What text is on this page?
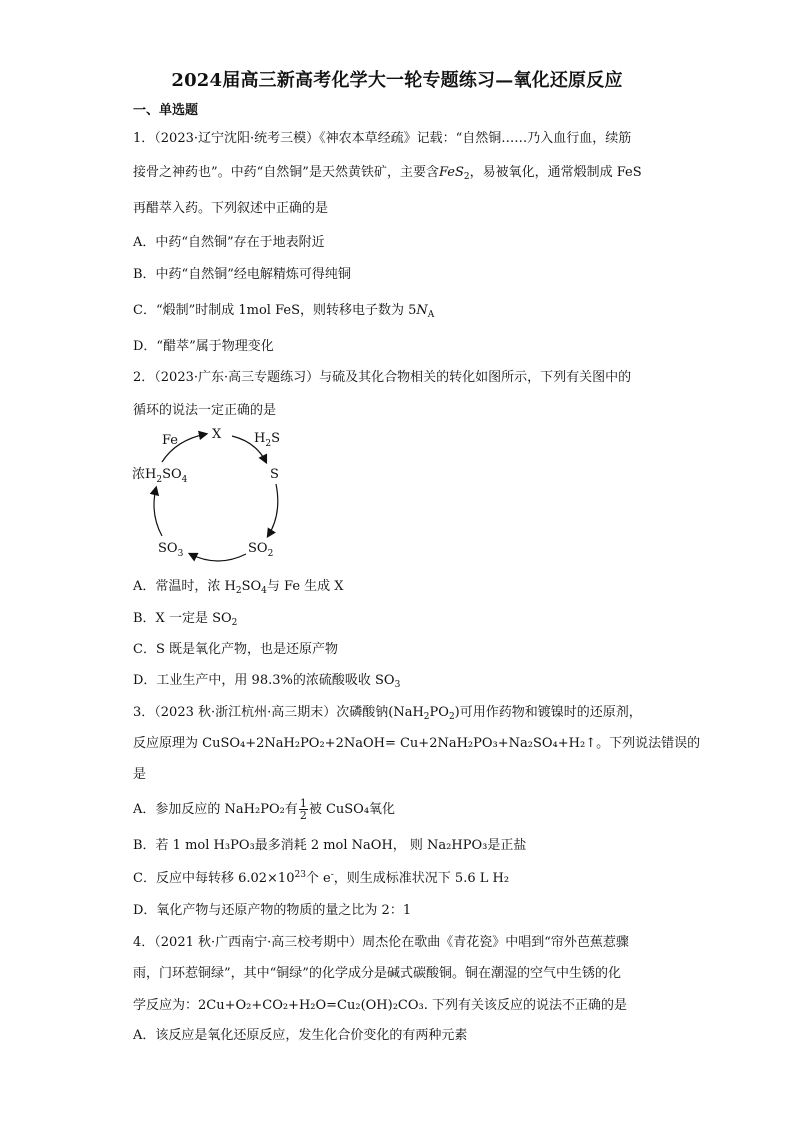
2024届高三新高考化学大一轮专题练习—氧化还原反应
一、单选题
1．（2023·辽宁沈阳·统考三模）《神农本草经疏》记载：“自然铜……乃入血行血，续筋
接骨之神药也”。中药“自然铜”是天然黄铁矿，主要含FeS$_2$，易被氧化，通常煅制成 FeS
再醋萃入药。下列叙述中正确的是
A．中药“自然铜”存在于地表附近
B．中药“自然铜”经电解精炼可得纯铜
C．“煅制”时制成 1mol FeS，则转移电子数为 $5N_A$
D．“醋萃”属于物理变化
2．（2023·广东·高三专题练习）与硫及其化合物相关的转化如图所示，下列有关图中的
循环的说法一定正确的是
X
Fe	$H_2S$
S
$SO_2$
$SO_3$
浓$H_2SO_4$
A．常温时，浓 $H_2SO_4$与 Fe 生成 X
B．X 一定是 $SO_2$
C．S 既是氧化产物，也是还原产物
D．工业生产中，用 98.3%的浓硫酸吸收 $SO_3$
3．（2023 秋·浙江杭州·高三期末）次磷酸钠$(NaH_2PO_2)$可用作药物和镀镍时的还原剂，
反应原理为 CuSO₄+2NaH₂PO₂+2NaOH= Cu+2NaH₂PO₃+Na₂SO₄+H₂↑。下列说法错误的
是
A．参加反应的 NaH₂PO₂有 $\frac{1}{2}$ 被 CuSO₄氧化
B．若 1 mol H₃PO₃最多消耗 2 mol NaOH， 则 Na₂HPO₃是正盐
C．反应中每转移 $6.02\times 10^{23}$个 e-，则生成标准状况下 5.6 L H₂
D．氧化产物与还原产物的物质的量之比为 2：1
4．（2021 秋·广西南宁·高三校考期中）周杰伦在歌曲《青花瓷》中唱到“帘外芭蕉惹骤
雨，门环惹铜绿”，其中“铜绿”的化学成分是碱式碳酸铜。铜在潮湿的空气中生锈的化
学反应为：2Cu+O₂+CO₂+H₂O=Cu₂(OH)₂CO₃. 下列有关该反应的说法不正确的是
A．该反应是氧化还原反应，发生化合价变化的有两种元素
